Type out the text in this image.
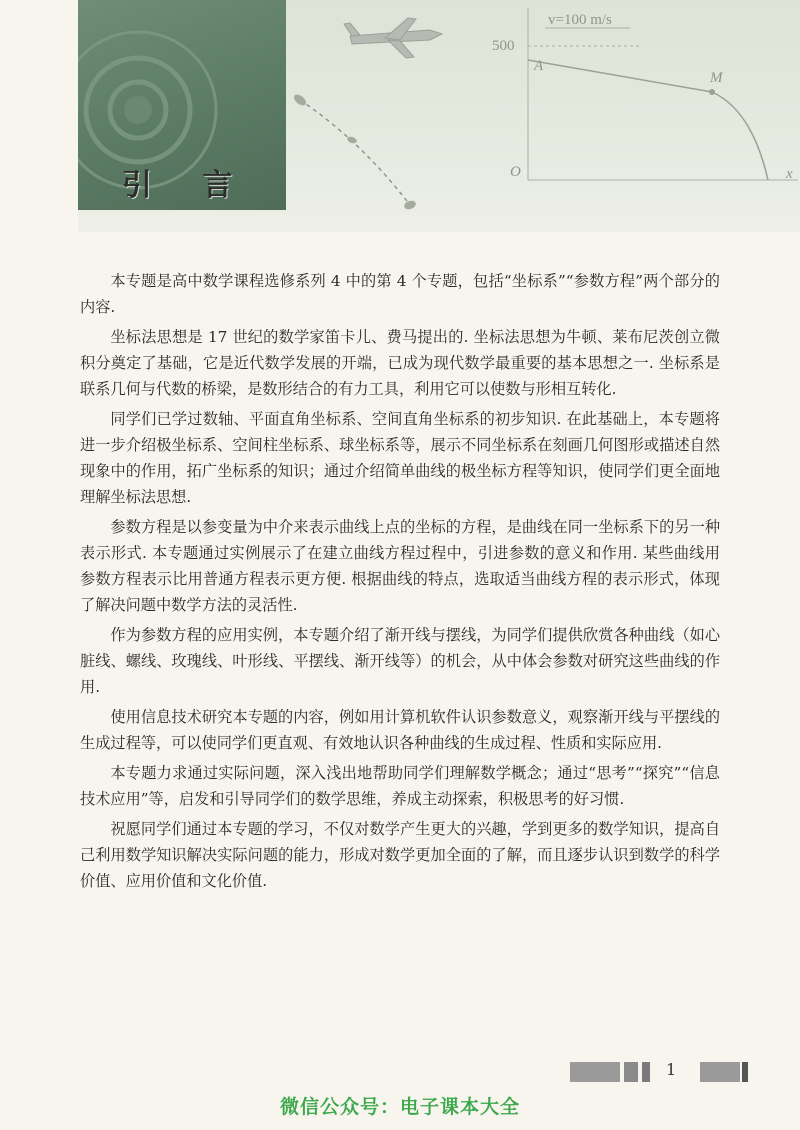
引 言
v=100 m/s
500
A
M
O	x

本专题是高中数学课程选修系列 4 中的第 4 个专题，包括“坐标系”“参数方程”两个部分的内容.

坐标法思想是 17 世纪的数学家笛卡儿、费马提出的. 坐标法思想为牛顿、莱布尼茨创立微积分奠定了基础，它是近代数学发展的开端，已成为现代数学最重要的基本思想之一. 坐标系是联系几何与代数的桥梁，是数形结合的有力工具，利用它可以使数与形相互转化.

同学们已学过数轴、平面直角坐标系、空间直角坐标系的初步知识. 在此基础上，本专题将进一步介绍极坐标系、空间柱坐标系、球坐标系等，展示不同坐标系在刻画几何图形或描述自然现象中的作用，拓广坐标系的知识；通过介绍简单曲线的极坐标方程等知识，使同学们更全面地理解坐标法思想.

参数方程是以参变量为中介来表示曲线上点的坐标的方程，是曲线在同一坐标系下的另一种表示形式. 本专题通过实例展示了在建立曲线方程过程中，引进参数的意义和作用. 某些曲线用参数方程表示比用普通方程表示更方便. 根据曲线的特点，选取适当曲线方程的表示形式，体现了解决问题中数学方法的灵活性.

作为参数方程的应用实例，本专题介绍了渐开线与摆线，为同学们提供欣赏各种曲线（如心脏线、螺线、玫瑰线、叶形线、平摆线、渐开线等）的机会，从中体会参数对研究这些曲线的作用.

使用信息技术研究本专题的内容，例如用计算机软件认识参数意义，观察渐开线与平摆线的生成过程等，可以使同学们更直观、有效地认识各种曲线的生成过程、性质和实际应用.

本专题力求通过实际问题，深入浅出地帮助同学们理解数学概念；通过“思考”“探究”“信息技术应用”等，启发和引导同学们的数学思维，养成主动探索，积极思考的好习惯.

祝愿同学们通过本专题的学习，不仅对数学产生更大的兴趣，学到更多的数学知识，提高自己利用数学知识解决实际问题的能力，形成对数学更加全面的了解，而且逐步认识到数学的科学价值、应用价值和文化价值.

1
微信公众号：电子课本大全
